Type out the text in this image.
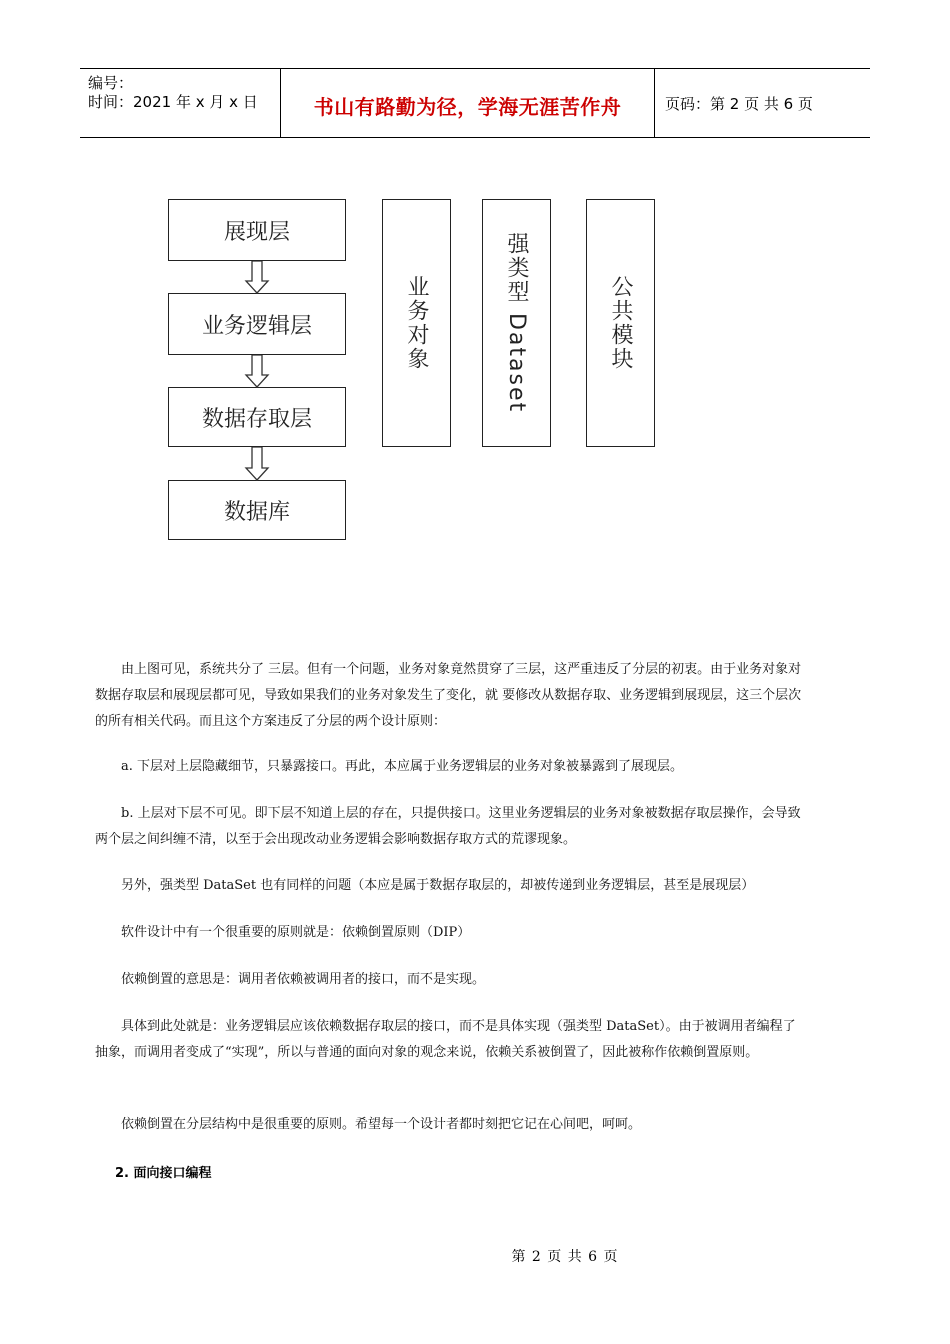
编号：
时间：2021 年 x 月 x 日	书山有路勤为径，学海无涯苦作舟	页码：第 2 页 共 6 页
展现层
业务逻辑层
数据存取层
数据库
业务对象	强类型 Dataset	公共模块
由上图可见，系统共分了 三层。但有一个问题，业务对象竟然贯穿了三层，这严重违反了分层的初衷。由于业务对象对数据存取层和展现层都可见，导致如果我们的业务对象发生了变化，就 要修改从数据存取、业务逻辑到展现层，这三个层次的所有相关代码。而且这个方案违反了分层的两个设计原则：
a. 下层对上层隐藏细节，只暴露接口。再此，本应属于业务逻辑层的业务对象被暴露到了展现层。
b. 上层对下层不可见。即下层不知道上层的存在，只提供接口。这里业务逻辑层的业务对象被数据存取层操作，会导致两个层之间纠缠不清，以至于会出现改动业务逻辑会影响数据存取方式的荒谬现象。
另外，强类型 DataSet 也有同样的问题（本应是属于数据存取层的，却被传递到业务逻辑层，甚至是展现层）
软件设计中有一个很重要的原则就是：依赖倒置原则（DIP）
依赖倒置的意思是：调用者依赖被调用者的接口，而不是实现。
具体到此处就是：业务逻辑层应该依赖数据存取层的接口，而不是具体实现（强类型 DataSet）。由于被调用者编程了抽象，而调用者变成了“实现”，所以与普通的面向对象的观念来说，依赖关系被倒置了，因此被称作依赖倒置原则。
依赖倒置在分层结构中是很重要的原则。希望每一个设计者都时刻把它记在心间吧，呵呵。
2. 面向接口编程
第 2 页 共 6 页
